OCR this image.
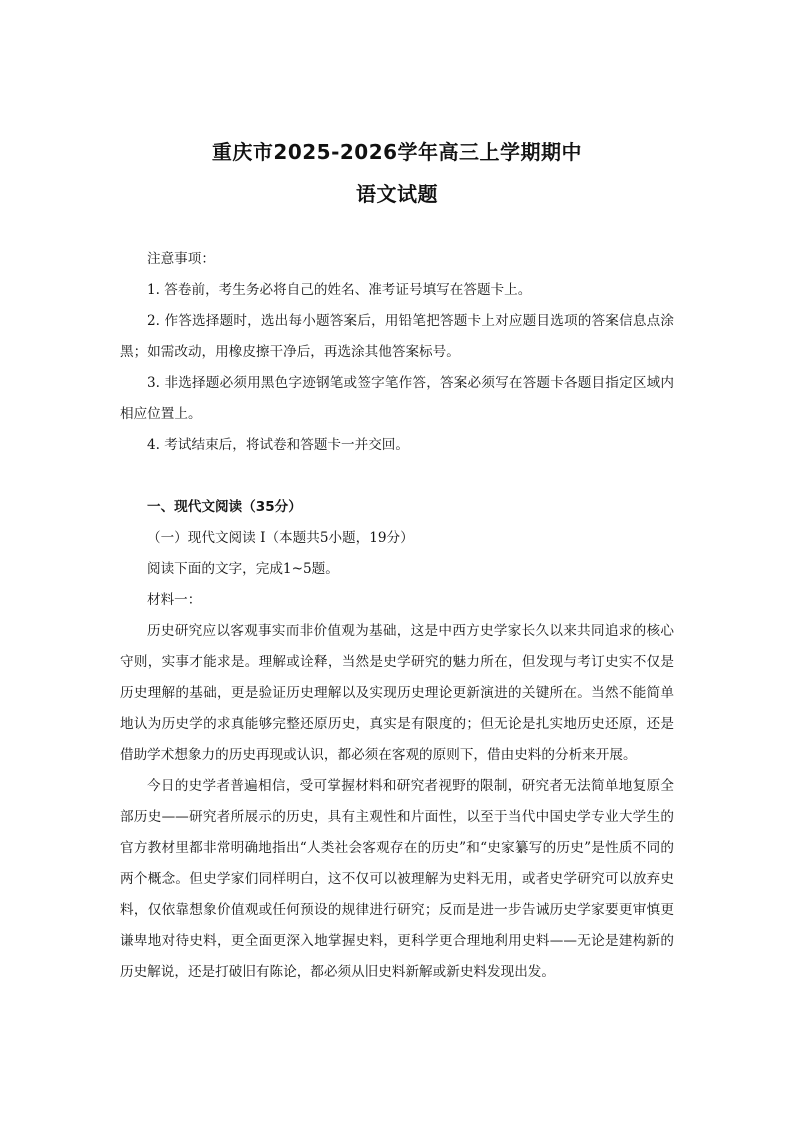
重庆市2025-2026学年高三上学期期中
语文试题
注意事项：
1. 答卷前，考生务必将自己的姓名、准考证号填写在答题卡上。
2. 作答选择题时，选出每小题答案后，用铅笔把答题卡上对应题目选项的答案信息点涂黑；如需改动，用橡皮擦干净后，再选涂其他答案标号。
3. 非选择题必须用黑色字迹钢笔或签字笔作答，答案必须写在答题卡各题目指定区域内相应位置上。
4. 考试结束后，将试卷和答题卡一并交回。
一、现代文阅读（35分）
（一）现代文阅读 I（本题共5小题，19分）
阅读下面的文字，完成1~5题。
材料一：
历史研究应以客观事实而非价值观为基础，这是中西方史学家长久以来共同追求的核心守则，实事才能求是。理解或诠释，当然是史学研究的魅力所在，但发现与考订史实不仅是历史理解的基础，更是验证历史理解以及实现历史理论更新演进的关键所在。当然不能简单地认为历史学的求真能够完整还原历史，真实是有限度的；但无论是扎实地历史还原，还是借助学术想象力的历史再现或认识，都必须在客观的原则下，借由史料的分析来开展。
今日的史学者普遍相信，受可掌握材料和研究者视野的限制，研究者无法简单地复原全部历史——研究者所展示的历史，具有主观性和片面性，以至于当代中国史学专业大学生的官方教材里都非常明确地指出“人类社会客观存在的历史”和“史家纂写的历史”是性质不同的两个概念。但史学家们同样明白，这不仅可以被理解为史料无用，或者史学研究可以放弃史料，仅依靠想象价值观或任何预设的规律进行研究；反而是进一步告诫历史学家要更审慎更谦卑地对待史料，更全面更深入地掌握史料，更科学更合理地利用史料——无论是建构新的历史解说，还是打破旧有陈论，都必须从旧史料新解或新史料发现出发。
